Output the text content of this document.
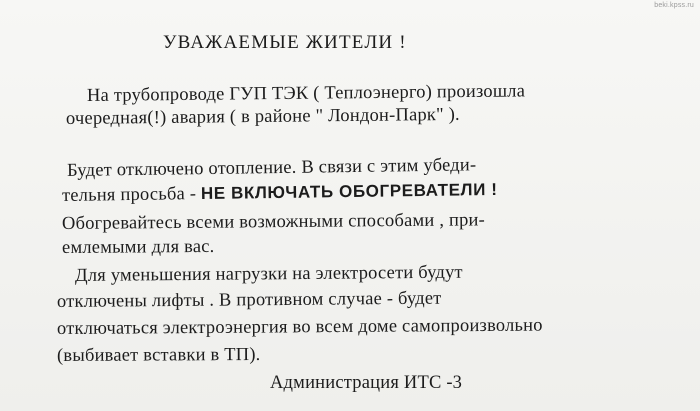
beki.kpss.ru
УВАЖАЕМЫЕ ЖИТЕЛИ !
На трубопроводе ГУП ТЭК ( Теплоэнерго) произошла
очередная(!) авария ( в районе " Лондон-Парк" ).
Будет отключено отопление. В связи с этим убеди-
тельня просьба - НЕ ВКЛЮЧАТЬ ОБОГРЕВАТЕЛИ !
Обогревайтесь всеми возможными способами , при-
емлемыми для вас.
Для уменьшения нагрузки на электросети будут
отключены лифты . В противном случае - будет
отключаться электроэнергия во всем доме самопроизвольно
(выбивает вставки в ТП).
Администрация ИТС -3
